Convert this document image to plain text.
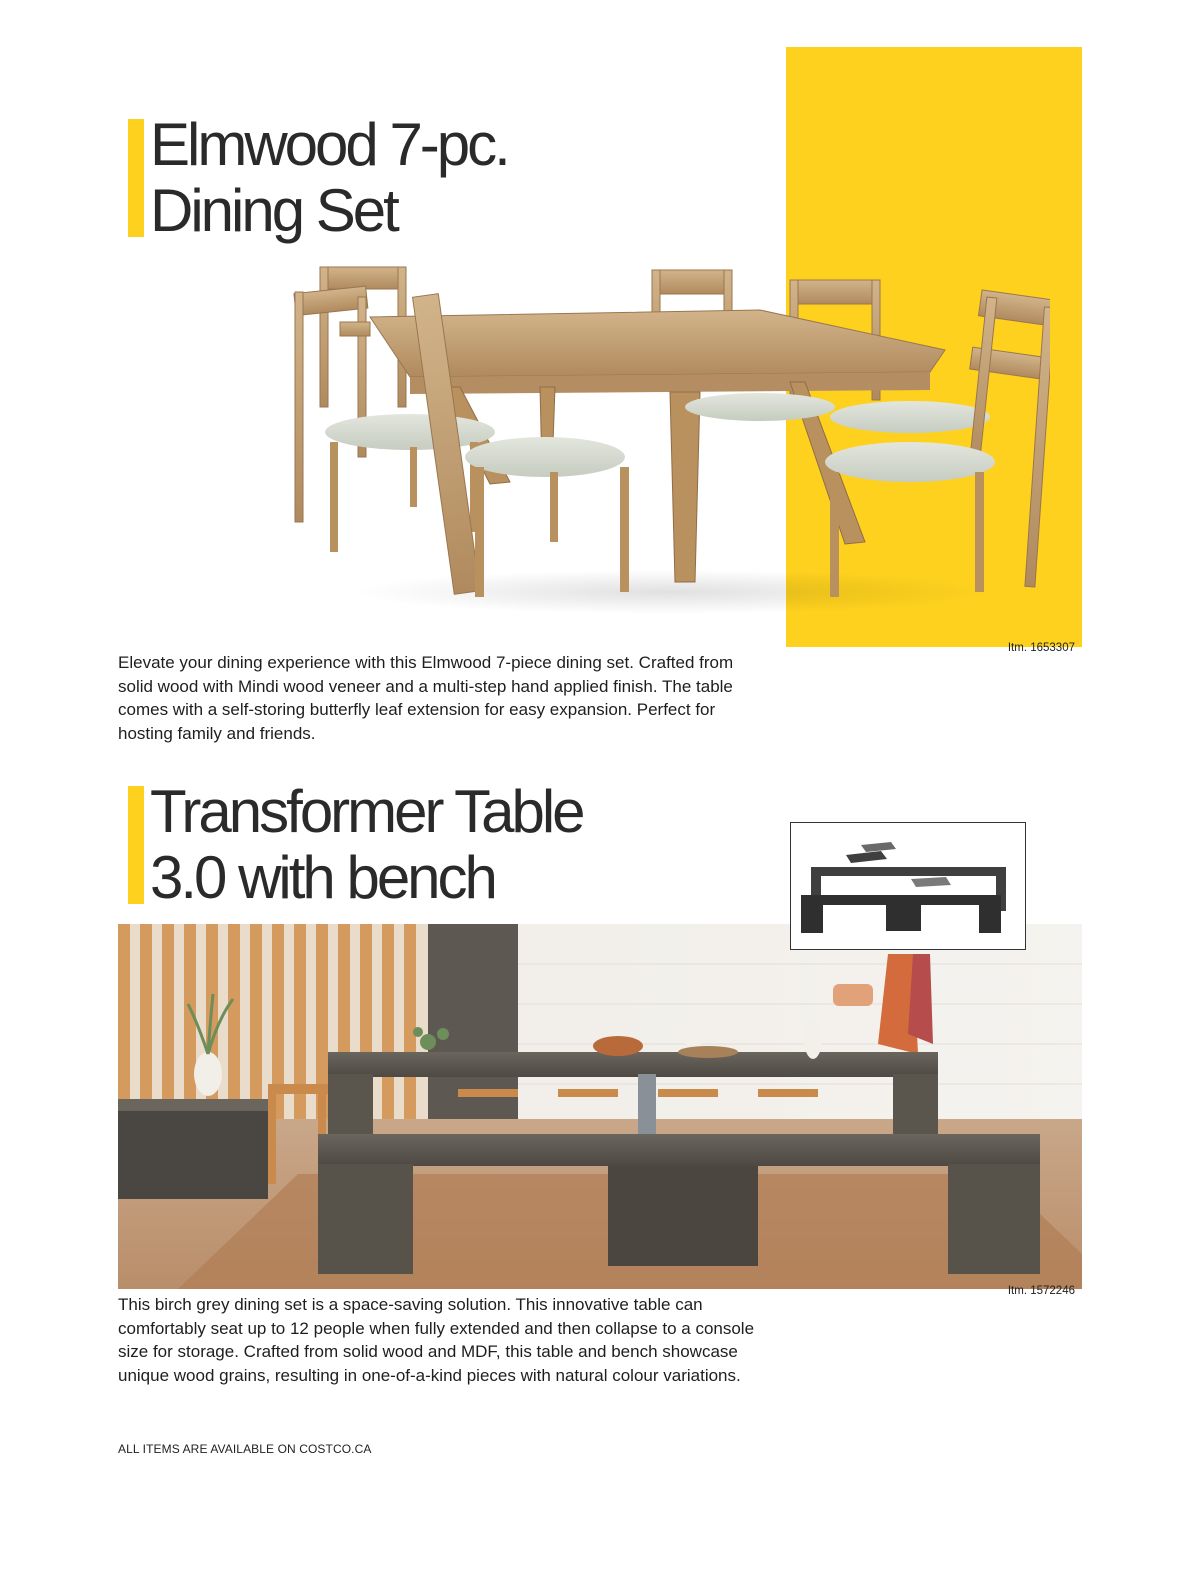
Elmwood 7-pc.
Dining Set
Itm. 1653307
Elevate your dining experience with this Elmwood 7-piece dining set. Crafted from solid wood with Mindi wood veneer and a multi-step hand applied finish. The table comes with a self-storing butterfly leaf extension for easy expansion. Perfect for hosting family and friends.
Transformer Table
3.0 with bench
Itm. 1572246
This birch grey dining set is a space-saving solution. This innovative table can comfortably seat up to 12 people when fully extended and then collapse to a console size for storage. Crafted from solid wood and MDF, this table and bench showcase unique wood grains, resulting in one-of-a-kind pieces with natural colour variations.
ALL ITEMS ARE AVAILABLE ON COSTCO.CA
